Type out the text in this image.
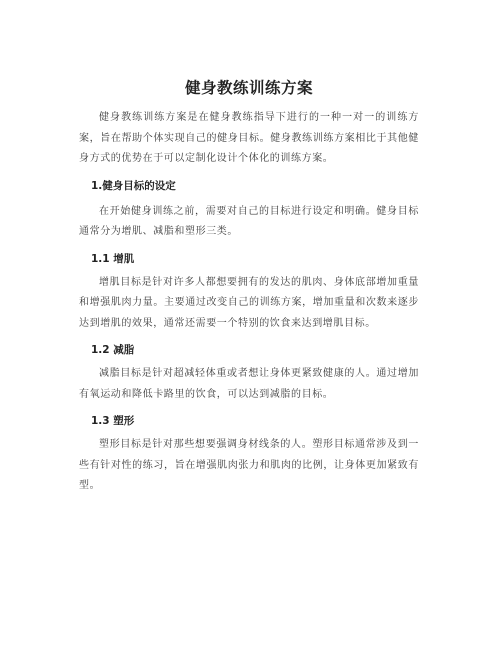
健身教练训练方案

健身教练训练方案是在健身教练指导下进行的一种一对一的训练方案，旨在帮助个体实现自己的健身目标。健身教练训练方案相比于其他健身方式的优势在于可以定制化设计个体化的训练方案。

1.健身目标的设定

在开始健身训练之前，需要对自己的目标进行设定和明确。健身目标通常分为增肌、减脂和塑形三类。

1.1 增肌

增肌目标是针对许多人都想要拥有的发达的肌肉、身体底部增加重量和增强肌肉力量。主要通过改变自己的训练方案，增加重量和次数来逐步达到增肌的效果，通常还需要一个特别的饮食来达到增肌目标。

1.2 减脂

减脂目标是针对超减轻体重或者想让身体更紧致健康的人。通过增加有氧运动和降低卡路里的饮食，可以达到减脂的目标。

1.3 塑形

塑形目标是针对那些想要强调身材线条的人。塑形目标通常涉及到一些有针对性的练习，旨在增强肌肉张力和肌肉的比例，让身体更加紧致有型。
